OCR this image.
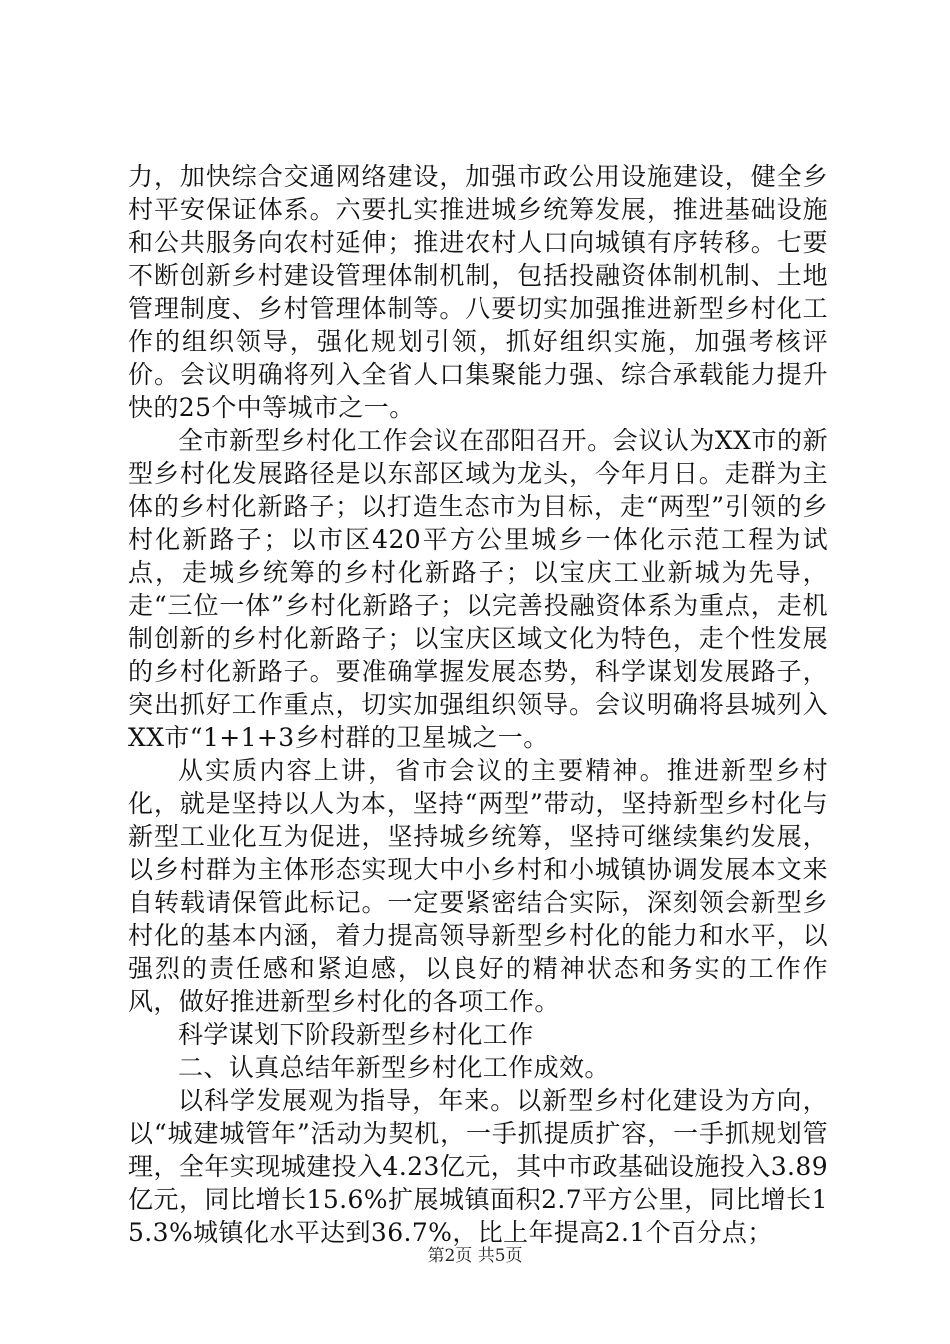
力，加快综合交通网络建设，加强市政公用设施建设，健全乡村平安保证体系。六要扎实推进城乡统筹发展，推进基础设施和公共服务向农村延伸；推进农村人口向城镇有序转移。七要不断创新乡村建设管理体制机制，包括投融资体制机制、土地管理制度、乡村管理体制等。八要切实加强推进新型乡村化工作的组织领导，强化规划引领，抓好组织实施，加强考核评价。会议明确将列入全省人口集聚能力强、综合承载能力提升快的25个中等城市之一。

全市新型乡村化工作会议在邵阳召开。会议认为XX市的新型乡村化发展路径是以东部区域为龙头，今年月日。走群为主体的乡村化新路子；以打造生态市为目标，走“两型”引领的乡村化新路子；以市区420平方公里城乡一体化示范工程为试点，走城乡统筹的乡村化新路子；以宝庆工业新城为先导，走“三位一体”乡村化新路子；以完善投融资体系为重点，走机制创新的乡村化新路子；以宝庆区域文化为特色，走个性发展的乡村化新路子。要准确掌握发展态势，科学谋划发展路子，突出抓好工作重点，切实加强组织领导。会议明确将县城列入XX市“1+1+3乡村群的卫星城之一。

从实质内容上讲，省市会议的主要精神。推进新型乡村化，就是坚持以人为本，坚持“两型”带动，坚持新型乡村化与新型工业化互为促进，坚持城乡统筹，坚持可继续集约发展，以乡村群为主体形态实现大中小乡村和小城镇协调发展本文来自转载请保管此标记。一定要紧密结合实际，深刻领会新型乡村化的基本内涵，着力提高领导新型乡村化的能力和水平，以强烈的责任感和紧迫感，以良好的精神状态和务实的工作作风，做好推进新型乡村化的各项工作。

科学谋划下阶段新型乡村化工作

二、认真总结年新型乡村化工作成效。

以科学发展观为指导，年来。以新型乡村化建设为方向，以“城建城管年”活动为契机，一手抓提质扩容，一手抓规划管理，全年实现城建投入4.23亿元，其中市政基础设施投入3.89亿元，同比增长15.6%扩展城镇面积2.7平方公里，同比增长15.3%城镇化水平达到36.7%，比上年提高2.1个百分点；

第2页 共5页
